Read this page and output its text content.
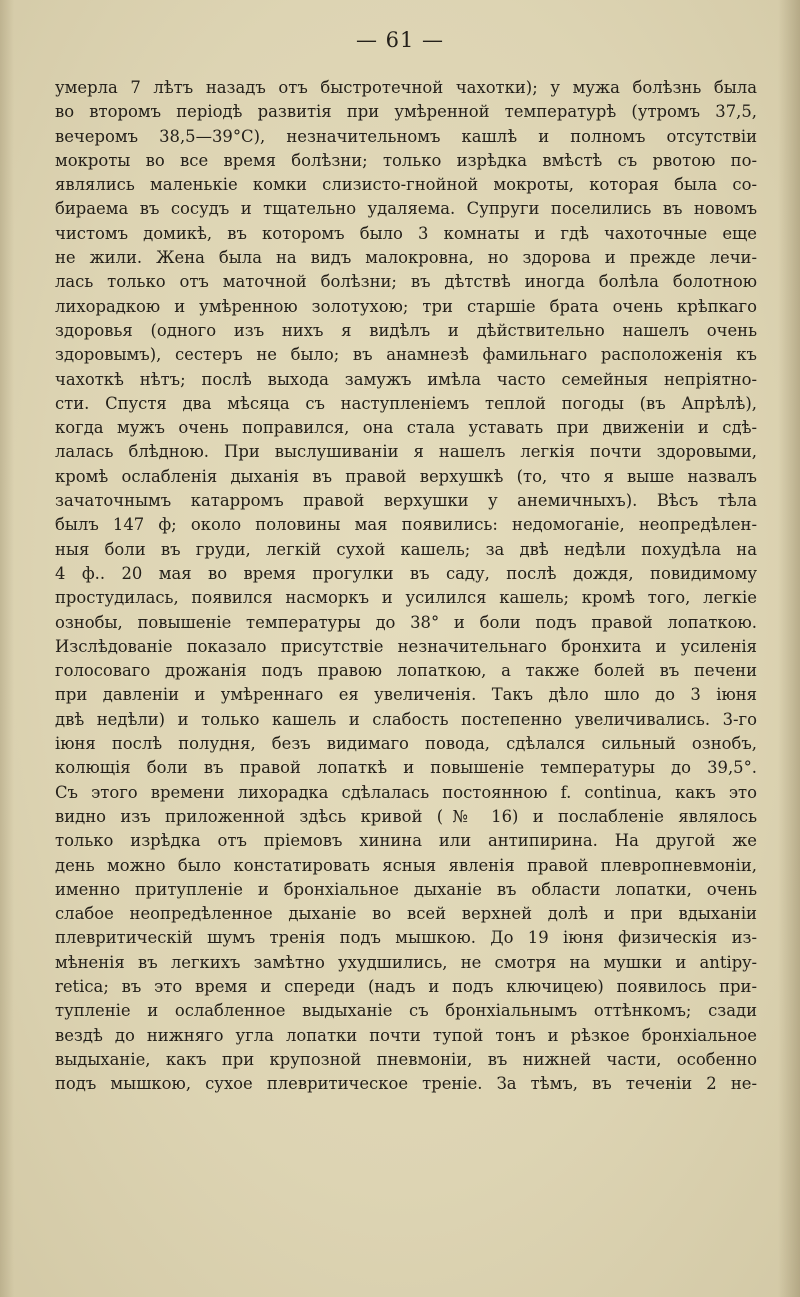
— 61 —
умерла 7 лѣтъ назадъ отъ быстротечной чахотки); у мужа болѣзнь была
во второмъ періодѣ развитія при умѣренной температурѣ (утромъ 37,5,
вечеромъ 38,5—39°С), незначительномъ кашлѣ и полномъ отсутствіи
мокроты во все время болѣзни; только изрѣдка вмѣстѣ съ рвотою по-
являлись маленькіе комки слизисто-гнойной мокроты, которая была со-
бираема въ сосудъ и тщательно удаляема. Супруги поселились въ новомъ
чистомъ домикѣ, въ которомъ было 3 комнаты и гдѣ чахоточные еще
не жили. Жена была на видъ малокровна, но здорова и прежде лечи-
лась только отъ маточной болѣзни; въ дѣтствѣ иногда болѣла болотною
лихорадкою и умѣренною золотухою; три старшіе брата очень крѣпкаго
здоровья (одного изъ нихъ я видѣлъ и дѣйствительно нашелъ очень
здоровымъ), сестеръ не было; въ анамнезѣ фамильнаго расположенія къ
чахоткѣ нѣтъ; послѣ выхода замужъ имѣла часто семейныя непріятно-
сти. Спустя два мѣсяца съ наступленіемъ теплой погоды (въ Апрѣлѣ),
когда мужъ очень поправился, она стала уставать при движеніи и сдѣ-
лалась блѣдною. При выслушиваніи я нашелъ легкія почти здоровыми,
кромѣ ослабленія дыханія въ правой верхушкѣ (то, что я выше назвалъ
зачаточнымъ катарромъ правой верхушки у анемичныхъ). Вѣсъ тѣла
былъ 147 ф; около половины мая появились: недомоганіе, неопредѣлен-
ныя боли въ груди, легкій сухой кашель; за двѣ недѣли похудѣла на
4 ф.. 20 мая во время прогулки въ саду, послѣ дождя, повидимому
простудилась, появился насморкъ и усилился кашель; кромѣ того, легкіе
ознобы, повышеніе температуры до 38° и боли подъ правой лопаткою.
Изслѣдованіе показало присутствіе незначительнаго бронхита и усиленія
голосоваго дрожанія подъ правою лопаткою, а также болей въ печени
при давленіи и умѣреннаго ея увеличенія. Такъ дѣло шло до 3 іюня
двѣ недѣли) и только кашель и слабость постепенно увеличивались. 3-го
іюня послѣ полудня, безъ видимаго повода, сдѣлался сильный ознобъ,
колющія боли въ правой лопаткѣ и повышеніе температуры до 39,5°.
Съ этого времени лихорадка сдѣлалась постоянною f. continua, какъ это
видно изъ приложенной здѣсь кривой (№ 16) и послабленіе являлось
только изрѣдка отъ пріемовъ хинина или антипирина. На другой же
день можно было констатировать ясныя явленія правой плевропневмоніи,
именно притупленіе и бронхіальное дыханіе въ области лопатки, очень
слабое неопредѣленное дыханіе во всей верхней долѣ и при вдыханіи
плевритическій шумъ тренія подъ мышкою. До 19 іюня физическія из-
мѣненія въ легкихъ замѣтно ухудшились, не смотря на мушки и antipy-
retica; въ это время и спереди (надъ и подъ ключицею) появилось при-
тупленіе и ослабленное выдыханіе съ бронхіальнымъ оттѣнкомъ; сзади
вездѣ до нижняго угла лопатки почти тупой тонъ и рѣзкое бронхіальное
выдыханіе, какъ при крупозной пневмоніи, въ нижней части, особенно
подъ мышкою, сухое плевритическое треніе. За тѣмъ, въ теченіи 2 не-
